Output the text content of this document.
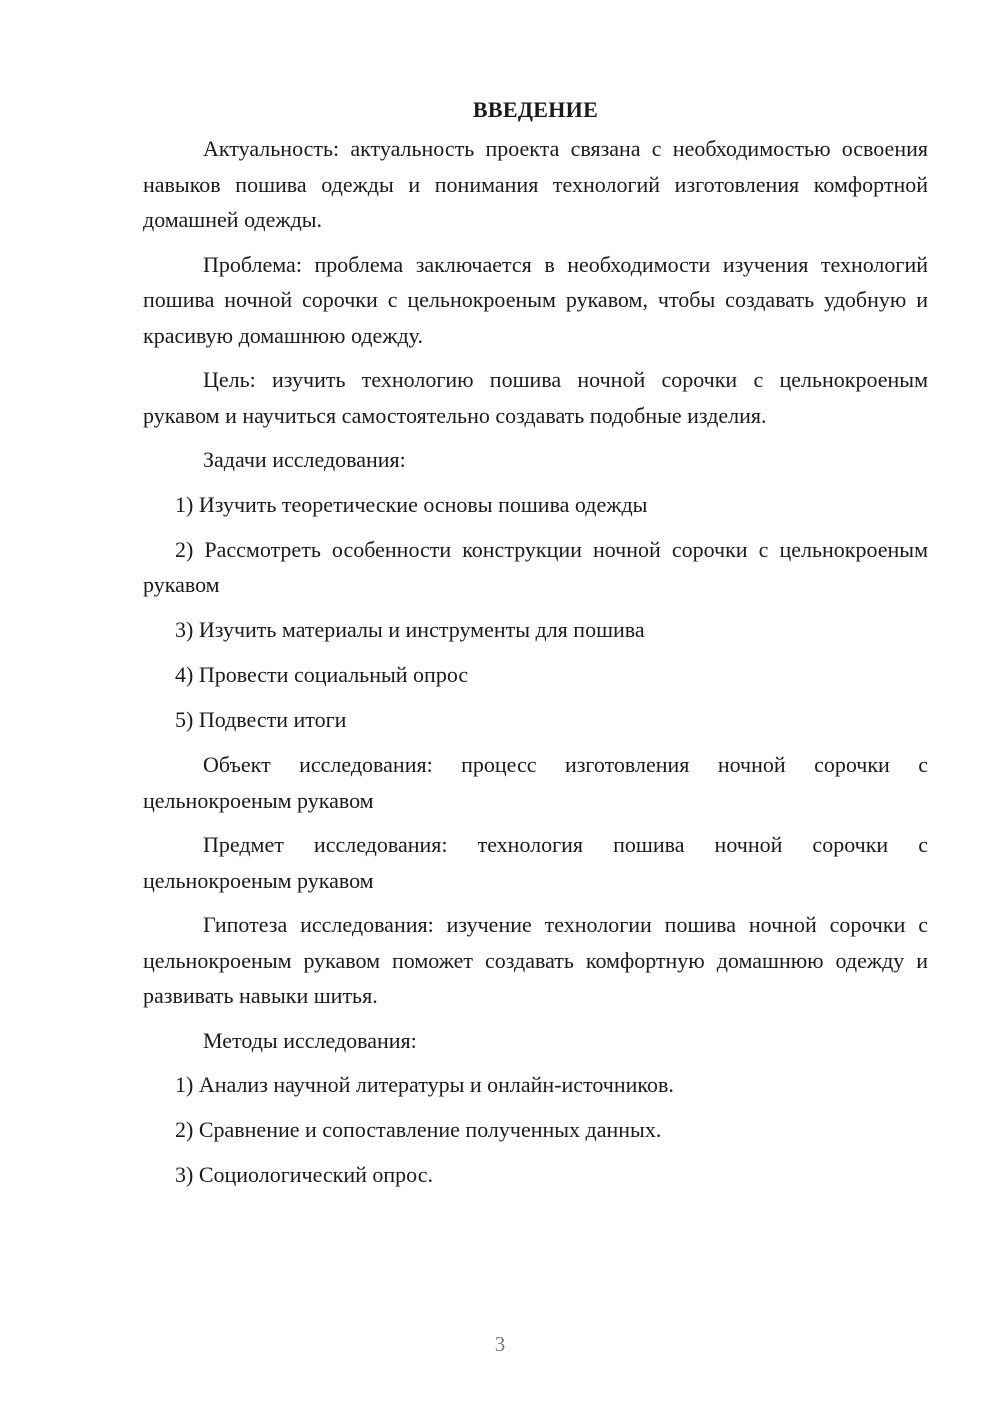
ВВЕДЕНИЕ

Актуальность: актуальность проекта связана с необходимостью освоения навыков пошива одежды и понимания технологий изготовления комфортной домашней одежды.

Проблема: проблема заключается в необходимости изучения технологий пошива ночной сорочки с цельнокроеным рукавом, чтобы создавать удобную и красивую домашнюю одежду.

Цель: изучить технологию пошива ночной сорочки с цельнокроеным рукавом и научиться самостоятельно создавать подобные изделия.

Задачи исследования:

1) Изучить теоретические основы пошива одежды

2) Рассмотреть особенности конструкции ночной сорочки с цельнокроеным рукавом

3) Изучить материалы и инструменты для пошива

4) Провести социальный опрос

5) Подвести итоги

Объект исследования: процесс изготовления ночной сорочки с цельнокроеным рукавом

Предмет исследования: технология пошива ночной сорочки с цельнокроеным рукавом

Гипотеза исследования: изучение технологии пошива ночной сорочки с цельнокроеным рукавом поможет создавать комфортную домашнюю одежду и развивать навыки шитья.

Методы исследования:

1) Анализ научной литературы и онлайн-источников.

2) Сравнение и сопоставление полученных данных.

3) Социологический опрос.

3
